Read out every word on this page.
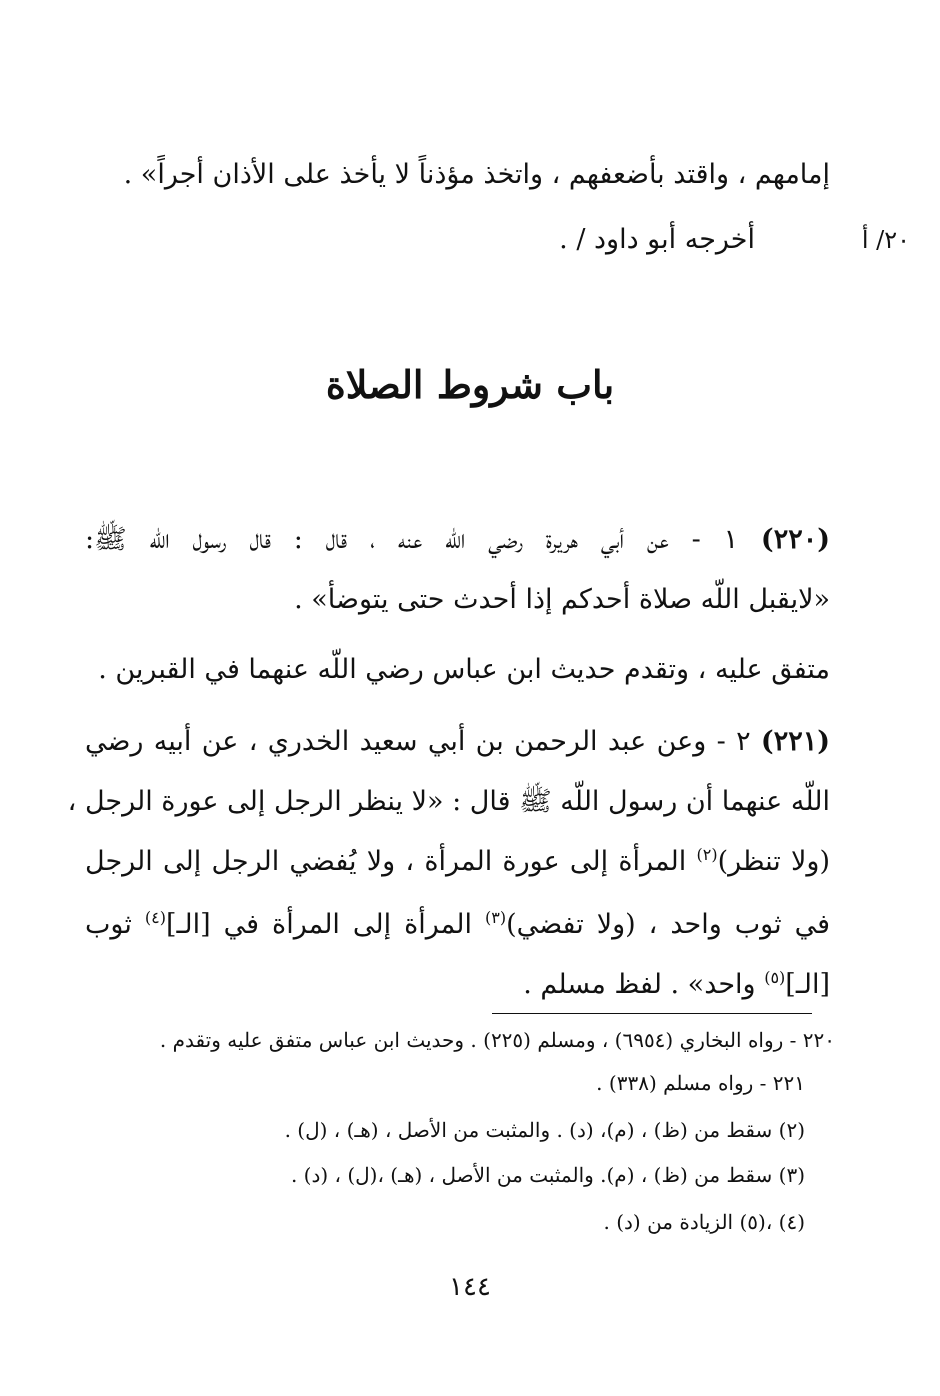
إمامهم ، واقتد بأضعفهم ، واتخذ مؤذناً لا يأخذ على الأذان أجراً» .
أخرجه أبو داود / .	٢٠/ أ
باب شروط الصلاة
(٢٢٠) ١ - عن أبي هريرة رضي اللّه عنه ، قال : قال رسول اللّه ﷺ:
«لايقبل اللّه صلاة أحدكم إذا أحدث حتى يتوضأ» .
متفق عليه ، وتقدم حديث ابن عباس رضي اللّه عنهما في القبرين .
(٢٢١) ٢ - وعن عبد الرحمن بن أبي سعيد الخدري ، عن أبيه رضي
اللّه عنهما أن رسول اللّه ﷺ قال : «لا ينظر الرجل إلى عورة الرجل ،
(ولا تنظر)$^{(٢)}$ المرأة إلى عورة المرأة ، ولا يُفضي الرجل إلى الرجل
في ثوب واحد ، (ولا تفضي)$^{(٣)}$ المرأة إلى المرأة في [الـ]$^{(٤)}$ ثوب
[الـ]$^{(٥)}$ واحد» . لفظ مسلم .
٢٢٠ - رواه البخاري (٦٩٥٤) ، ومسلم (٢٢٥) . وحديث ابن عباس متفق عليه وتقدم .
٢٢١ - رواه مسلم (٣٣٨) .
(٢) سقط من (ظ) ، (م)، (د) . والمثبت من الأصل ، (هـ) ، (ل) .
(٣) سقط من (ظ) ، (م). والمثبت من الأصل ، (هـ) ،(ل) ، (د) .
(٤) ،(٥) الزيادة من (د) .
١٤٤
